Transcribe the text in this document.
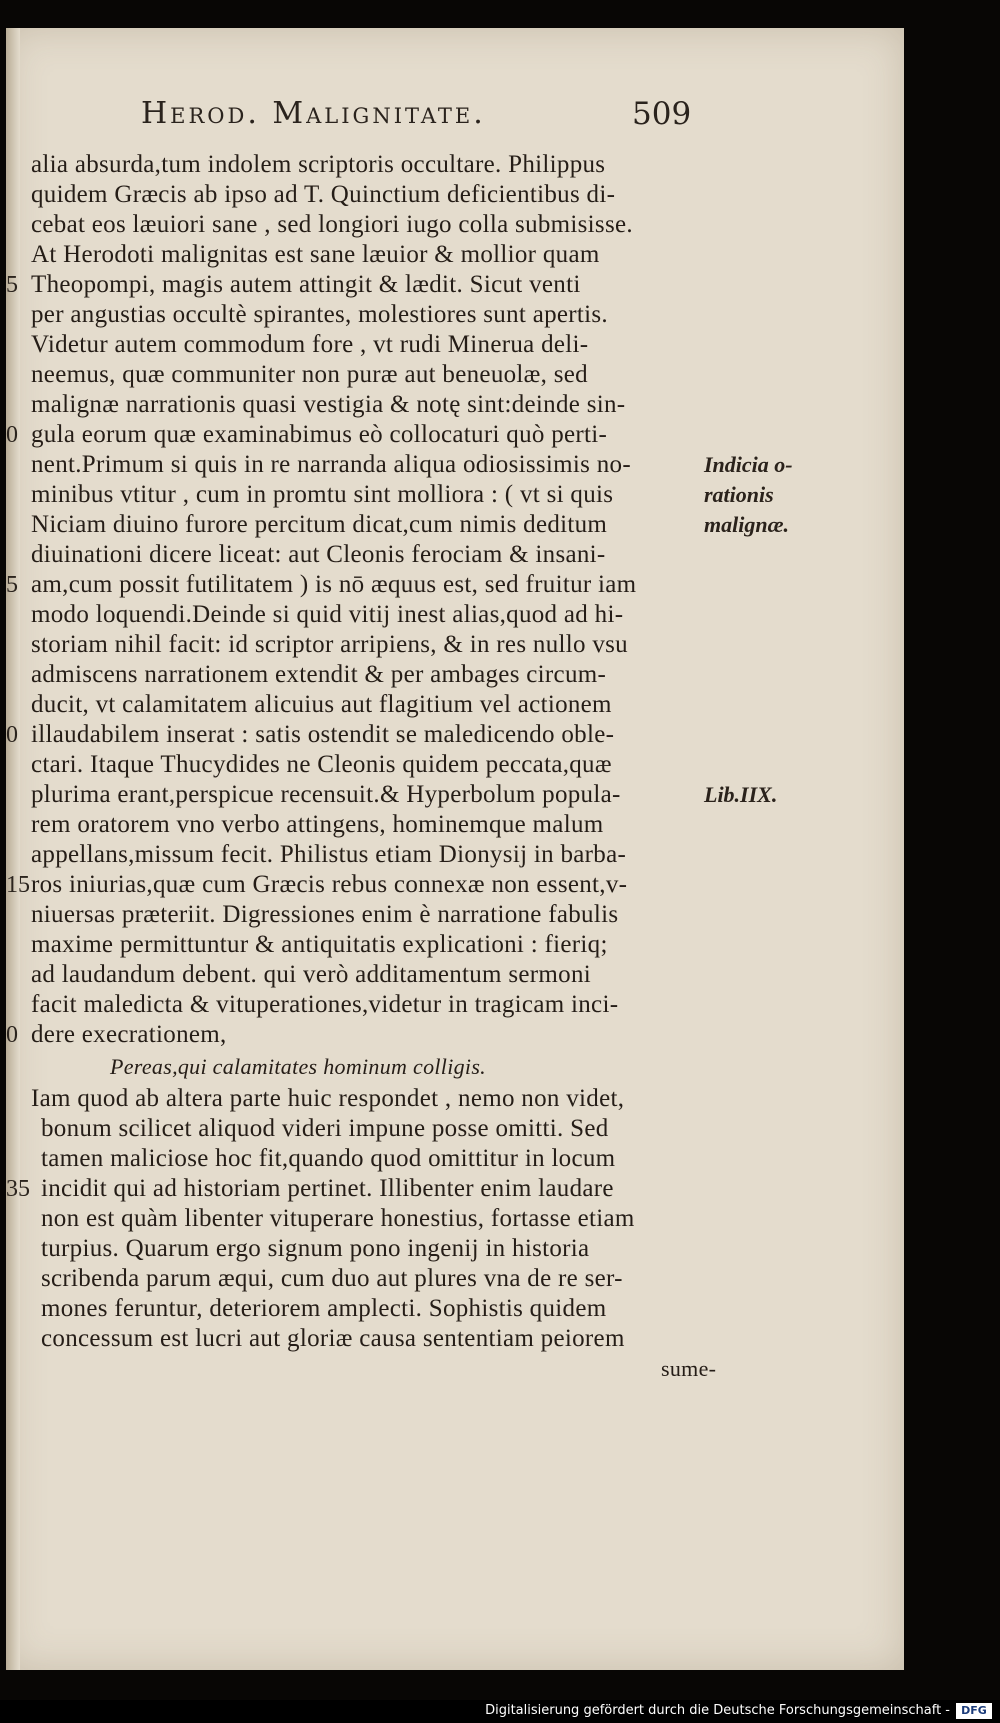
Herod. Malignitate.	509
alia absurda,tum indolem scriptoris occultare. Philippus
quidem Græcis ab ipso ad T. Quinctium deficientibus di-
cebat eos læuiori sane , sed longiori iugo colla submisisse.
At Herodoti malignitas est sane læuior & mollior quam
Theopompi, magis autem attingit & lædit. Sicut venti
per angustias occultè spirantes, molestiores sunt apertis.
Videtur autem commodum fore , vt rudi Minerua deli-
neemus, quæ communiter non puræ aut beneuolæ, sed
malignæ narrationis quasi vestigia & notę sint:deinde sin-
gula eorum quæ examinabimus eò collocaturi quò perti-
nent.Primum si quis in re narranda aliqua odiosissimis no-
minibus vtitur , cum in promtu sint molliora : ( vt si quis
Niciam diuino furore percitum dicat,cum nimis deditum
diuinationi dicere liceat: aut Cleonis ferociam & insani-
am,cum possit futilitatem ) is nō æquus est, sed fruitur iam
modo loquendi.Deinde si quid vitij inest alias,quod ad hi-
storiam nihil facit: id scriptor arripiens, & in res nullo vsu
admiscens narrationem extendit & per ambages circum-
ducit, vt calamitatem alicuius aut flagitium vel actionem
illaudabilem inserat : satis ostendit se maledicendo oble-
ctari. Itaque Thucydides ne Cleonis quidem peccata,quæ
plurima erant,perspicue recensuit.& Hyperbolum popula-
rem oratorem vno verbo attingens, hominemque malum
appellans,missum fecit. Philistus etiam Dionysij in barba-
ros iniurias,quæ cum Græcis rebus connexæ non essent,v-
niuersas præteriit. Digressiones enim è narratione fabulis
maxime permittuntur & antiquitatis explicationi : fieriq;
ad laudandum debent. qui verò additamentum sermoni
facit maledicta & vituperationes,videtur in tragicam inci-
dere execrationem,
Pereas,qui calamitates hominum colligis.
Iam quod ab altera parte huic respondet , nemo non videt,
bonum scilicet aliquod videri impune posse omitti. Sed
tamen maliciose hoc fit,quando quod omittitur in locum
incidit qui ad historiam pertinet. Illibenter enim laudare
non est quàm libenter vituperare honestius, fortasse etiam
turpius. Quarum ergo signum pono ingenij in historia
scribenda parum æqui, cum duo aut plures vna de re ser-
mones feruntur, deteriorem amplecti. Sophistis quidem
concessum est lucri aut gloriæ causa sententiam peiorem
sume-
5
0
5
0
15
0
35
Indicia o-
rationis
malignæ.
Lib.IIX.
Digitalisierung gefördert durch die Deutsche Forschungsgemeinschaft -	DFG
